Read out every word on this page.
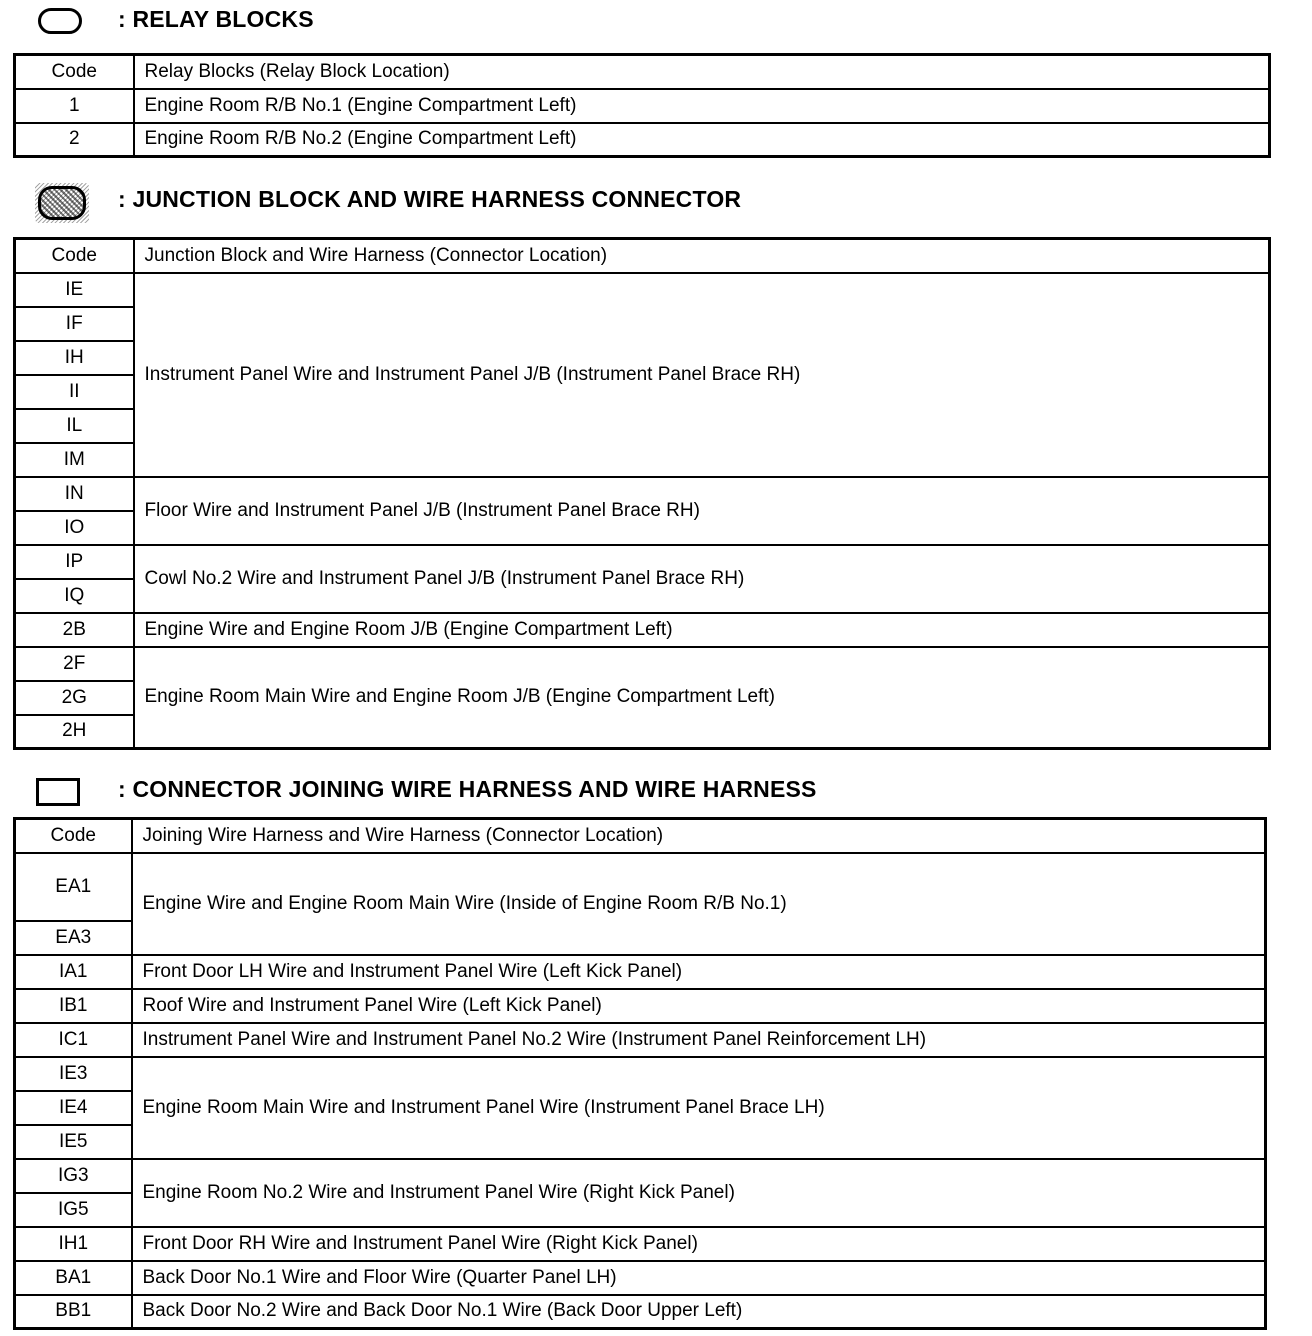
: RELAY BLOCKS
Code	Relay Blocks (Relay Block Location)
1	Engine Room R/B No.1 (Engine Compartment Left)
2	Engine Room R/B No.2 (Engine Compartment Left)
: JUNCTION BLOCK AND WIRE HARNESS CONNECTOR
Code	Junction Block and Wire Harness (Connector Location)
IE	Instrument Panel Wire and Instrument Panel J/B (Instrument Panel Brace RH)
IF	
IH	
II	
IL	
IM	
IN	Floor Wire and Instrument Panel J/B (Instrument Panel Brace RH)
IO	
IP	Cowl No.2 Wire and Instrument Panel J/B (Instrument Panel Brace RH)
IQ	
2B	Engine Wire and Engine Room J/B (Engine Compartment Left)
2F	Engine Room Main Wire and Engine Room J/B (Engine Compartment Left)
2G	
2H	
: CONNECTOR JOINING WIRE HARNESS AND WIRE HARNESS
Code	Joining Wire Harness and Wire Harness (Connector Location)
EA1	Engine Wire and Engine Room Main Wire (Inside of Engine Room R/B No.1)
EA3	
IA1	Front Door LH Wire and Instrument Panel Wire (Left Kick Panel)
IB1	Roof Wire and Instrument Panel Wire (Left Kick Panel)
IC1	Instrument Panel Wire and Instrument Panel No.2 Wire (Instrument Panel Reinforcement LH)
IE3	Engine Room Main Wire and Instrument Panel Wire (Instrument Panel Brace LH)
IE4	
IE5	
IG3	Engine Room No.2 Wire and Instrument Panel Wire (Right Kick Panel)
IG5	
IH1	Front Door RH Wire and Instrument Panel Wire (Right Kick Panel)
BA1	Back Door No.1 Wire and Floor Wire (Quarter Panel LH)
BB1	Back Door No.2 Wire and Back Door No.1 Wire (Back Door Upper Left)
